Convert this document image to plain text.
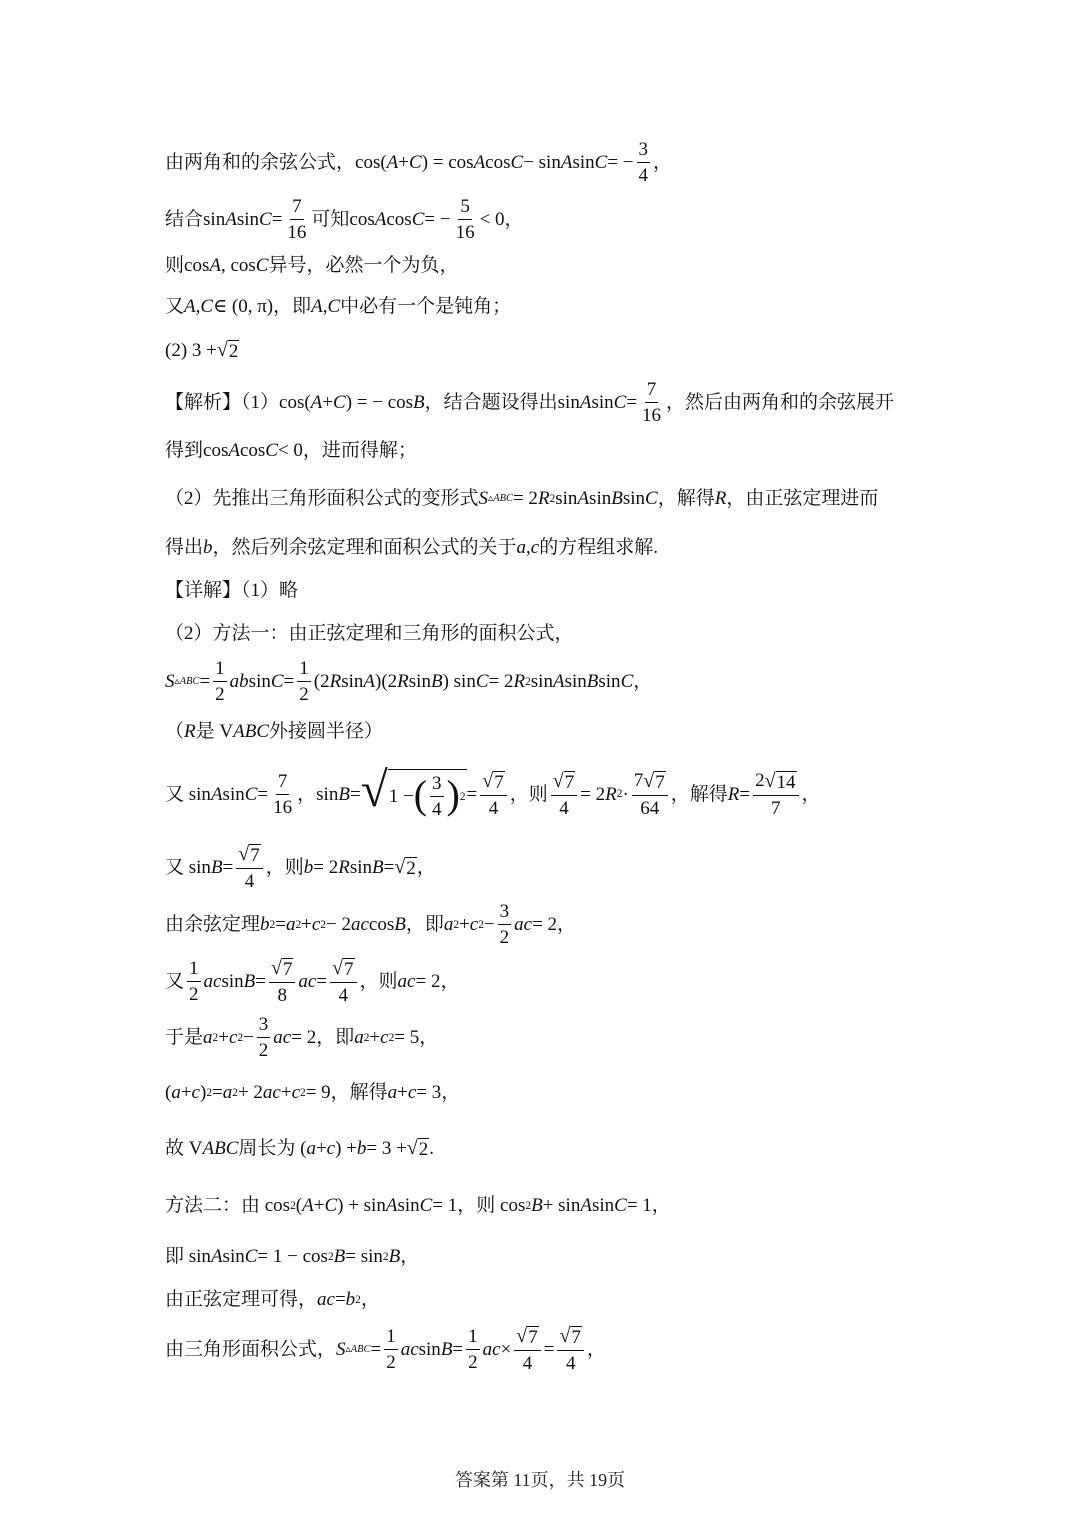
由两角和的余弦公式， cos( A + C ) = cos A cos C − sin A sin C = − $\frac{3}{4}$ ，
结合 sin A $\sin C = \frac{7}{16}$ 可知 cos A cos C = − $\frac{5}{16} < 0$，
则 cos A , cos C 异号，必然一个为负，
又 A , C ∈ (0, π)，即 A , C 中必有一个是钝角；
(2) 3 + √ 2
【解析】（1） cos( A + C ) = − cos B ，结合题设得出 sin A $\sin C = \frac{7}{16}$ ，然后由两角和的余弦展开
得到 cos A cos C < 0，进而得解；
（2）先推出三角形面积公式的变形式 S ▵ABC = 2 R 2 sin A sin B sin C ，解得 R ，由正弦定理进而
得出 b ，然后列余弦定理和面积公式的关于 a , c 的方程组求解.
【详解】（1）略
（2）方法一：由正弦定理和三角形的面积公式，
S ▵ABC = $\frac{1}{2}$ ab $\sin C = \frac{1}{2} (2$ R sin A )(2 R sin B ) sin C = 2 R 2 sin A sin B sin C ，
（ R 是 V ABC 外接圆半径）
又 sin A $\sin C = \frac{7}{16}$ ，sin B = √ 1 − ( $\frac{3}{4}$ ) $2 = \frac{√ 7}{4}$ ，则 $\frac{√ 7}{4} = 2$ R $2 \cdot \frac{7 √ 7}{64}$ ，解得 $R = \frac{2 √ 14}{7}$ ，
又 $\sin B = \frac{√ 7}{4}$ ，则 b = 2 R sin B = √ 2 ，
由余弦定理 b 2 = a 2 + c 2 − 2 ac cos B ，即 a 2 + c $2 - \frac{3}{2}$ ac = 2，
又 $\frac{1}{2}$ ac $\sin B = \frac{√ 7}{8}$ ac = $\frac{√ 7}{4}$ ，则 ac = 2，
于是 a 2 + c $2 - \frac{3}{2}$ ac = 2，即 a 2 + c 2 = 5，
( a + c ) 2 = a 2 + 2 ac + c 2 = 9，解得 a + c = 3，
故 V ABC 周长为 ( a + c ) + b = 3 + √ 2 .
方法二：由 cos 2 ( A + C ) + sin A sin C = 1，则 cos 2 B + sin A sin C = 1，
即 sin A sin C = 1 − cos 2 B = sin 2 B ，
由正弦定理可得， ac = b 2 ，
由三角形面积公式， S ▵ABC = $\frac{1}{2}$ ac $\sin B = \frac{1}{2}$ ac × $\frac{√ 7}{4} = \frac{√ 7}{4}$ ，
答案第 11页，共 19页
